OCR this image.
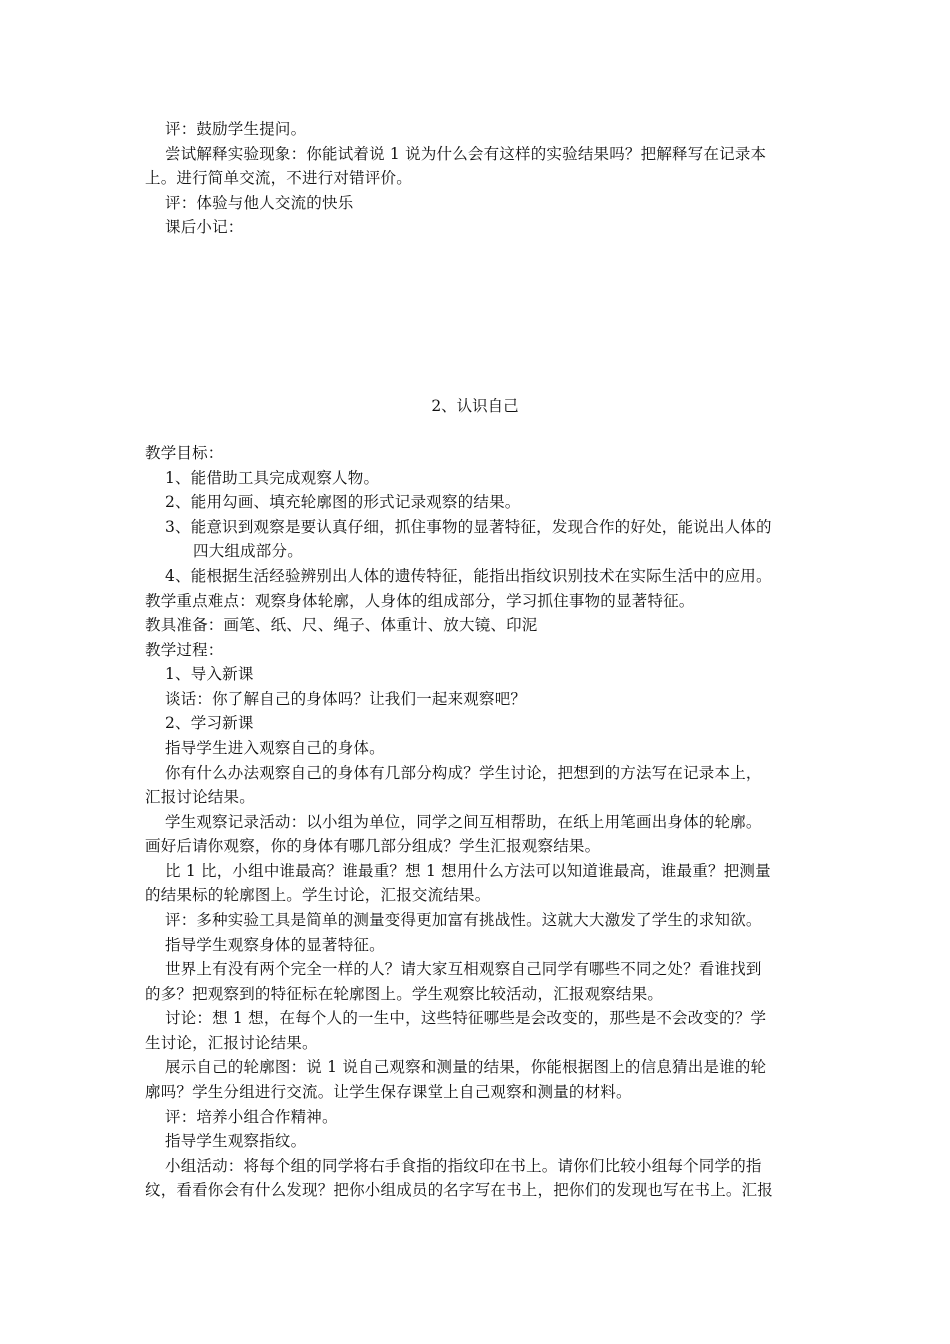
评：鼓励学生提问。
尝试解释实验现象：你能试着说 1 说为什么会有这样的实验结果吗？把解释写在记录本
上。进行简单交流，不进行对错评价。
评：体验与他人交流的快乐
课后小记：
2、认识自己
教学目标：
1、能借助工具完成观察人物。
2、能用勾画、填充轮廓图的形式记录观察的结果。
3、能意识到观察是要认真仔细，抓住事物的显著特征，发现合作的好处，能说出人体的
四大组成部分。
4、能根据生活经验辨别出人体的遗传特征，能指出指纹识别技术在实际生活中的应用。
教学重点难点：观察身体轮廓，人身体的组成部分，学习抓住事物的显著特征。
教具准备：画笔、纸、尺、绳子、体重计、放大镜、印泥
教学过程：
1、导入新课
谈话：你了解自己的身体吗？让我们一起来观察吧？
2、学习新课
指导学生进入观察自己的身体。
你有什么办法观察自己的身体有几部分构成？学生讨论，把想到的方法写在记录本上，
汇报讨论结果。
学生观察记录活动：以小组为单位，同学之间互相帮助，在纸上用笔画出身体的轮廓。
画好后请你观察，你的身体有哪几部分组成？学生汇报观察结果。
比 1 比，小组中谁最高？谁最重？想 1 想用什么方法可以知道谁最高，谁最重？把测量
的结果标的轮廓图上。学生讨论，汇报交流结果。
评：多种实验工具是简单的测量变得更加富有挑战性。这就大大激发了学生的求知欲。
指导学生观察身体的显著特征。
世界上有没有两个完全一样的人？请大家互相观察自己同学有哪些不同之处？看谁找到
的多？把观察到的特征标在轮廓图上。学生观察比较活动，汇报观察结果。
讨论：想 1 想，在每个人的一生中，这些特征哪些是会改变的，那些是不会改变的？学
生讨论，汇报讨论结果。
展示自己的轮廓图：说 1 说自己观察和测量的结果，你能根据图上的信息猜出是谁的轮
廓吗？学生分组进行交流。让学生保存课堂上自己观察和测量的材料。
评：培养小组合作精神。
指导学生观察指纹。
小组活动：将每个组的同学将右手食指的指纹印在书上。请你们比较小组每个同学的指
纹，看看你会有什么发现？把你小组成员的名字写在书上，把你们的发现也写在书上。汇报
